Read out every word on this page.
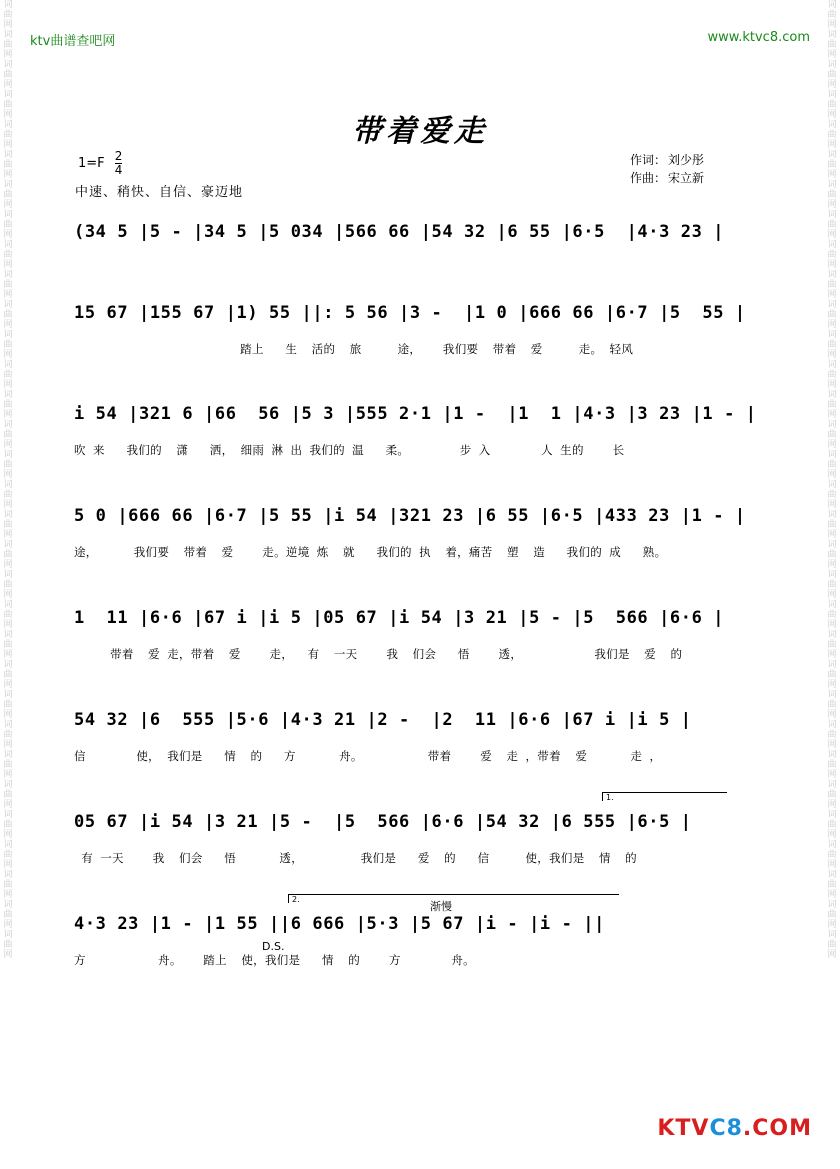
词曲网词曲网词曲网词曲网词曲网词曲网词曲网词曲网词曲网词曲网词曲网词曲网词曲网词曲网词曲网词曲网词曲网词曲网词曲网词曲网词曲网词曲网词曲网词曲网词曲网词曲网词曲网词曲网词曲网词曲网词曲网词曲网
词曲网词曲网词曲网词曲网词曲网词曲网词曲网词曲网词曲网词曲网词曲网词曲网词曲网词曲网词曲网词曲网词曲网词曲网词曲网词曲网词曲网词曲网词曲网词曲网词曲网词曲网词曲网词曲网词曲网词曲网词曲网词曲网
ktv曲谱查吧网	www.ktvc8.com
带着爱走
$1=F \frac{2}{4}$
中速、稍快、自信、豪迈地
作词： 刘少彤
作曲： 宋立新
(34 5 |5 - |34 5 |5 034 |566 66 |54 32 |6 55 |6·5  |4·3 23 |
15 67 |155 67 |1) 55 ||: 5 56 |3 -  |1 0 |666 66 |6·7 |5  55 |
踏上   生  活的  旅     途，   我们要  带着  爱     走。 轻风
i 54 |321 6 |66  56 |5 3 |555 2·1 |1 -  |1  1 |4·3 |3 23 |1 - |
吹 来   我们的  潇   洒， 细雨 淋 出 我们的 温   柔。       步 入       人 生的    长
5 0 |666 66 |6·7 |5 55 |i 54 |321 23 |6 55 |6·5 |433 23 |1 - |
途，     我们要  带着  爱    走。逆境 炼  就   我们的 执  着，痛苦  塑  造   我们的 成   熟。
1  11 |6·6 |67 i |i 5 |05 67 |i 54 |3 21 |5 - |5  566 |6·6 |
带着  爱 走，带着  爱    走，  有  一天    我  们会   悟    透，          我们是  爱  的
54 32 |6  555 |5·6 |4·3 21 |2 -  |2  11 |6·6 |67 i |i 5 |
信       使， 我们是   情  的   方      舟。         带着    爱  走 ，带着  爱      走 ，
05 67 |i 54 |3 21 |5 -  |5  566 |6·6 |54 32 |6 555 |6·5 |
有 一天    我  们会   悟      透，        我们是   爱  的   信     使，我们是  情  的
1.
4·3 23 |1 - |1 55 ||6 666 |5·3 |5 67 |i - |i - ||
方          舟。   踏上  使，我们是   情  的    方       舟。
2.
渐慢
D.S.
KTVC8.COM
